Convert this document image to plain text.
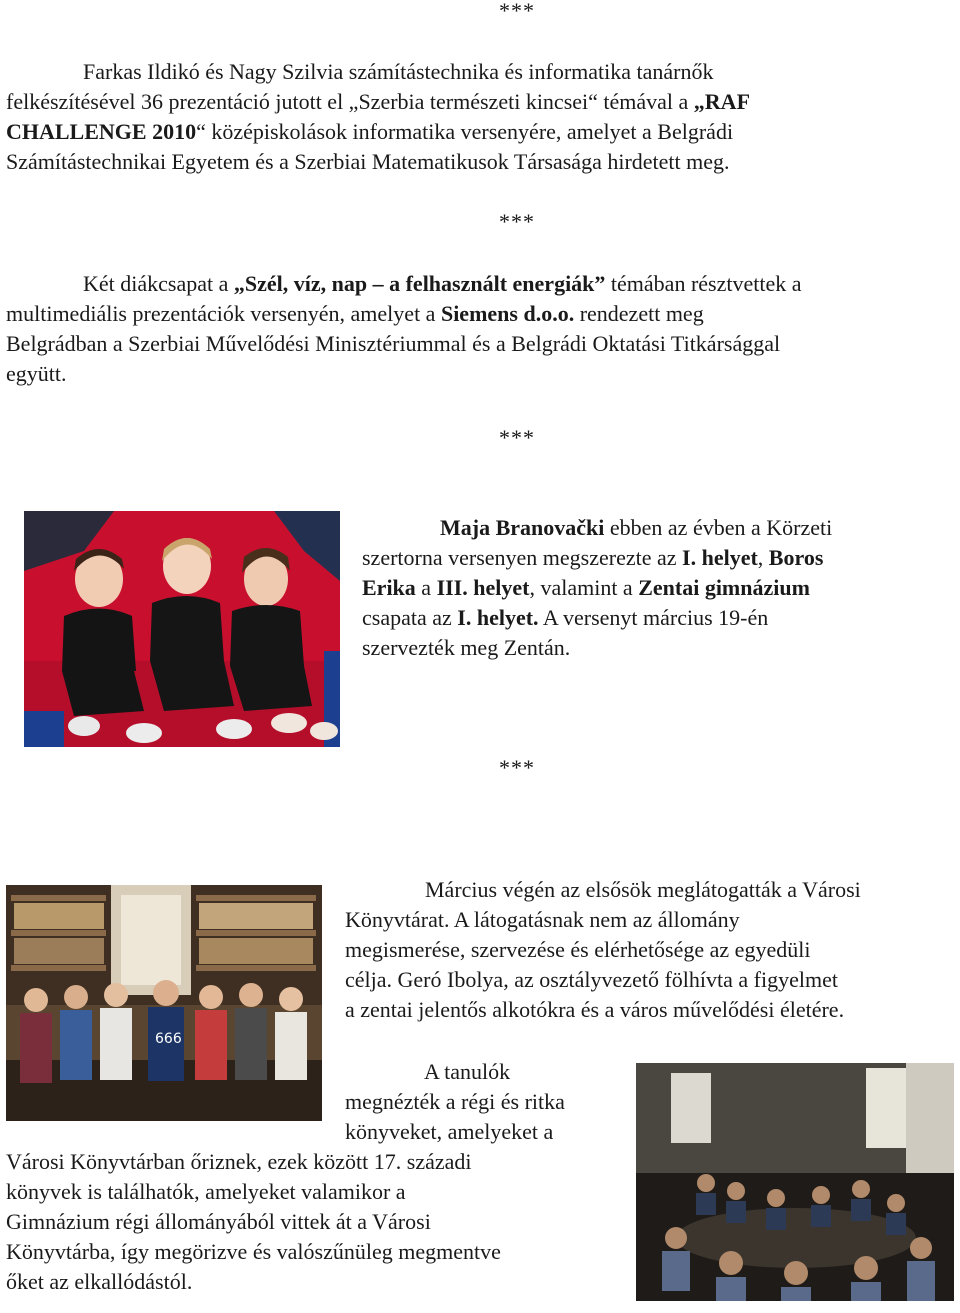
***
***
***
***

Farkas Ildikó és Nagy Szilvia számítástechnika és informatika tanárnők

felkészítésével 36 prezentáció jutott el „Szerbia természeti kincsei“ témával a „RAF

CHALLENGE 2010“ középiskolások informatika versenyére, amelyet a Belgrádi

Számítástechnikai Egyetem és a Szerbiai Matematikusok Társasága hirdetett meg.

Két diákcsapat a „Szél, víz, nap – a felhasznált energiák” témában résztvettek a

multimediális prezentációk versenyén, amelyet a Siemens d.o.o. rendezett meg

Belgrádban a Szerbiai Művelődési Minisztériummal és a Belgrádi Oktatási Titkársággal

együtt.

Maja Branovački ebben az évben a Körzeti

szertorna versenyen megszerezte az I. helyet, Boros

Erika a III. helyet, valamint a Zentai gimnázium

csapata az I. helyet. A versenyt március 19-én

szervezték meg Zentán.

666

Március végén az elsősök meglátogatták a Városi

Könyvtárat. A látogatásnak nem az állomány

megismerése, szervezése és elérhetősége az egyedüli

célja. Geró Ibolya, az osztályvezető fölhívta a figyelmet

a zentai jelentős alkotókra és a város művelődési életére.

A tanulók

megnézték a régi és ritka

könyveket, amelyeket a

Városi Könyvtárban őriznek, ezek között 17. századi

könyvek is találhatók, amelyeket valamikor a

Gimnázium régi állományából vittek át a Városi

Könyvtárba, így megörizve és valószűnüleg megmentve

őket az elkallódástól.
